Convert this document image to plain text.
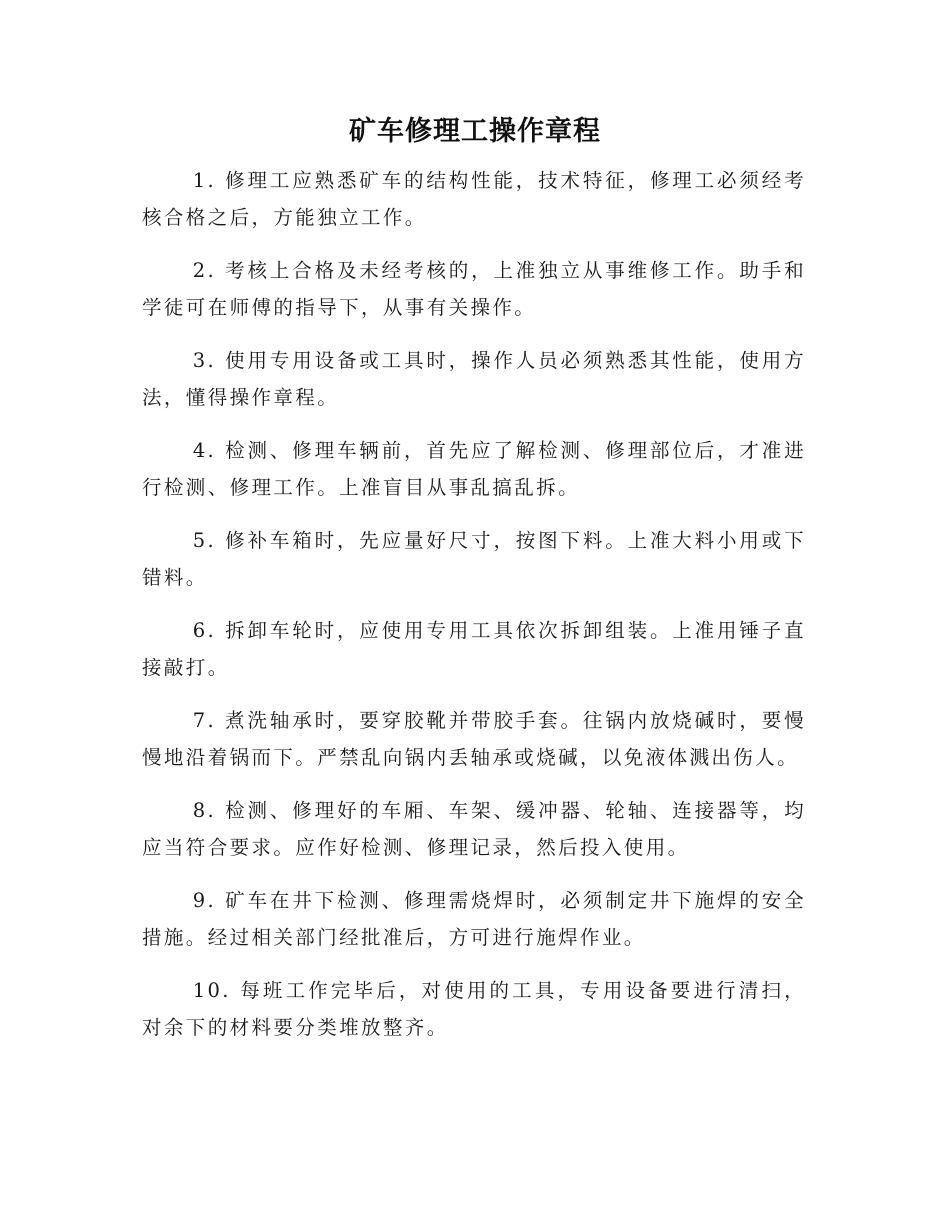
矿车修理工操作章程

1. 修理工应熟悉矿车的结构性能，技术特征，修理工必须经考核合格之后，方能独立工作。

2. 考核上合格及未经考核的，上准独立从事维修工作。助手和学徒可在师傅的指导下，从事有关操作。

3. 使用专用设备或工具时，操作人员必须熟悉其性能，使用方法，懂得操作章程。

4. 检测、修理车辆前，首先应了解检测、修理部位后，才准进行检测、修理工作。上准盲目从事乱搞乱拆。

5. 修补车箱时，先应量好尺寸，按图下料。上准大料小用或下错料。

6. 拆卸车轮时，应使用专用工具依次拆卸组装。上准用锤子直接敲打。

7. 煮洗轴承时，要穿胶靴并带胶手套。往锅内放烧碱时，要慢慢地沿着锅而下。严禁乱向锅内丢轴承或烧碱，以免液体溅出伤人。

8. 检测、修理好的车厢、车架、缓冲器、轮轴、连接器等，均应当符合要求。应作好检测、修理记录，然后投入使用。

9. 矿车在井下检测、修理需烧焊时，必须制定井下施焊的安全措施。经过相关部门经批准后，方可进行施焊作业。

10. 每班工作完毕后，对使用的工具，专用设备要进行清扫，对余下的材料要分类堆放整齐。
